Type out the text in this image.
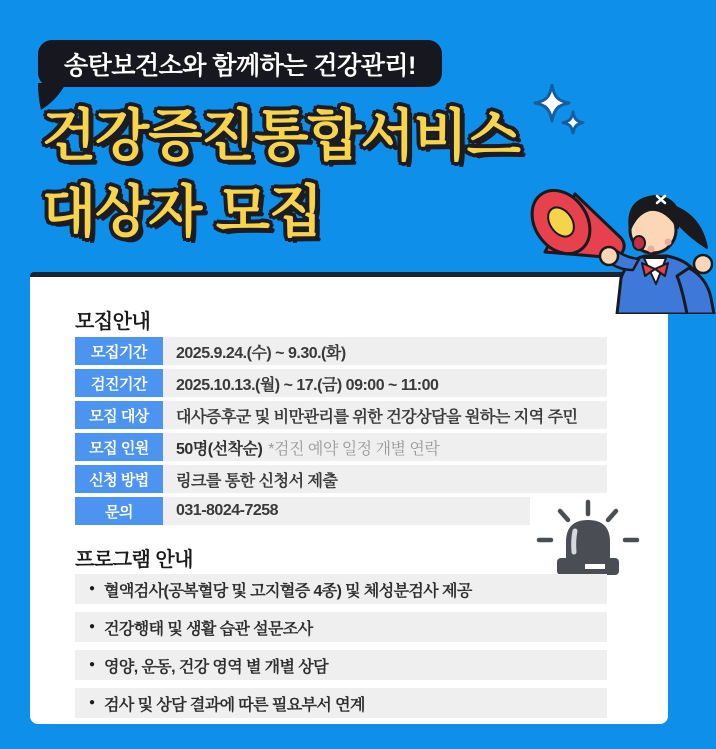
송탄보건소와 함께하는 건강관리!
건강증진통합서비스
대상자 모집
모집안내
모집기간	2025.9.24.(수) ~ 9.30.(화)
검진기간	2025.10.13.(월) ~ 17.(금) 09:00 ~ 11:00
모집 대상	대사증후군 및 비만관리를 위한 건강상담을 원하는 지역 주민
모집 인원	50명(선착순) *검진 예약 일정 개별 연락
신청 방법	링크를 통한 신청서 제출
문의	031-8024-7258
프로그램 안내
● 혈액검사(공복혈당 및 고지혈증 4종) 및 체성분검사 제공
● 건강행태 및 생활 습관 설문조사
● 영양, 운동, 건강 영역 별 개별 상담
● 검사 및 상담 결과에 따른 필요부서 연계
